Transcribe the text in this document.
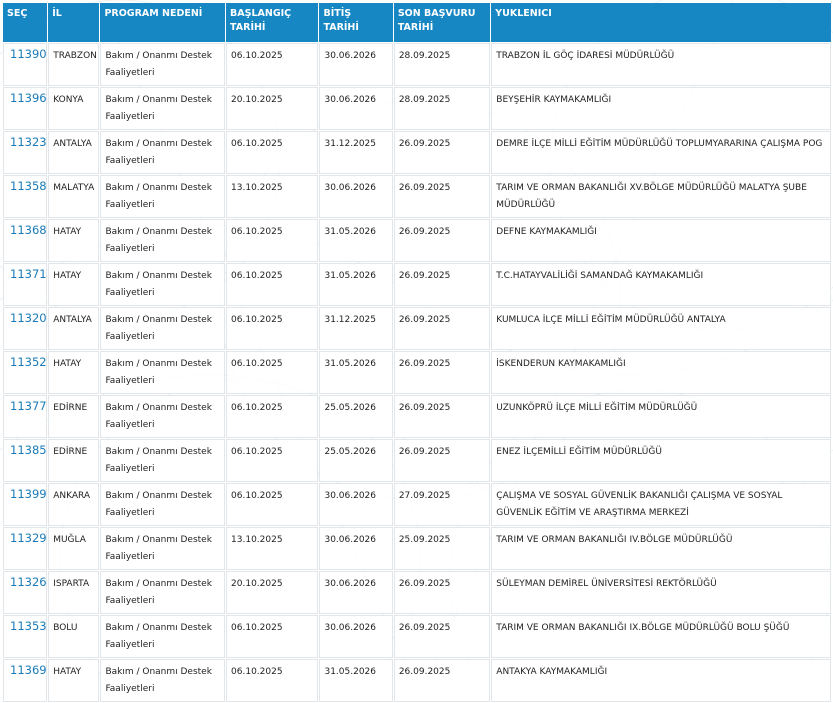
SEÇ	İL	PROGRAM NEDENİ	BAŞLANGIÇ TARİHİ	BİTİŞ TARİHİ	SON BAŞVURU TARİHİ	YUKLENICI
11390	TRABZON	Bakım / Onanmı Destek Faaliyetleri	06.10.2025	30.06.2026	28.09.2025	TRABZON İL GÖÇ İDARESİ MÜDÜRLÜĞÜ
11396	KONYA	Bakım / Onanmı Destek Faaliyetleri	20.10.2025	30.06.2026	28.09.2025	BEYŞEHİR KAYMAKAMLIĞI
11323	ANTALYA	Bakım / Onanmı Destek Faaliyetleri	06.10.2025	31.12.2025	26.09.2025	DEMRE İLÇE MİLLİ EĞİTİM MÜDÜRLÜĞÜ TOPLUMYARARINA ÇALIŞMA POG
11358	MALATYA	Bakım / Onanmı Destek Faaliyetleri	13.10.2025	30.06.2026	26.09.2025	TARIM VE ORMAN BAKANLIĞI XV.BÖLGE MÜDÜRLÜĞÜ MALATYA ŞUBE MÜDÜRLÜĞÜ
11368	HATAY	Bakım / Onanmı Destek Faaliyetleri	06.10.2025	31.05.2026	26.09.2025	DEFNE KAYMAKAMLIĞI
11371	HATAY	Bakım / Onanmı Destek Faaliyetleri	06.10.2025	31.05.2026	26.09.2025	T.C.HATAYVALİLİĞİ SAMANDAĞ KAYMAKAMLIĞI
11320	ANTALYA	Bakım / Onanmı Destek Faaliyetleri	06.10.2025	31.12.2025	26.09.2025	KUMLUCA İLÇE MİLLİ EĞİTİM MÜDÜRLÜĞÜ ANTALYA
11352	HATAY	Bakım / Onanmı Destek Faaliyetleri	06.10.2025	31.05.2026	26.09.2025	İSKENDERUN KAYMAKAMLIĞI
11377	EDİRNE	Bakım / Onanmı Destek Faaliyetleri	06.10.2025	25.05.2026	26.09.2025	UZUNKÖPRÜ İLÇE MİLLİ EĞİTİM MÜDÜRLÜĞÜ
11385	EDİRNE	Bakım / Onanmı Destek Faaliyetleri	06.10.2025	25.05.2026	26.09.2025	ENEZ İLÇEMİLLİ EĞİTİM MÜDÜRLÜĞÜ
11399	ANKARA	Bakım / Onanmı Destek Faaliyetleri	06.10.2025	30.06.2026	27.09.2025	ÇALIŞMA VE SOSYAL GÜVENLİK BAKANLIĞI ÇALIŞMA VE SOSYAL GÜVENLİK EĞİTİM VE ARAŞTIRMA MERKEZİ
11329	MUĞLA	Bakım / Onanmı Destek Faaliyetleri	13.10.2025	30.06.2026	25.09.2025	TARIM VE ORMAN BAKANLIĞI IV.BÖLGE MÜDÜRLÜĞÜ
11326	ISPARTA	Bakım / Onanmı Destek Faaliyetleri	20.10.2025	30.06.2026	26.09.2025	SÜLEYMAN DEMİREL ÜNİVERSİTESİ REKTÖRLÜĞÜ
11353	BOLU	Bakım / Onanmı Destek Faaliyetleri	06.10.2025	30.06.2026	26.09.2025	TARIM VE ORMAN BAKANLIĞI IX.BÖLGE MÜDÜRLÜĞÜ BOLU ŞÜĞÜ
11369	HATAY	Bakım / Onanmı Destek Faaliyetleri	06.10.2025	31.05.2026	26.09.2025	ANTAKYA KAYMAKAMLIĞI
